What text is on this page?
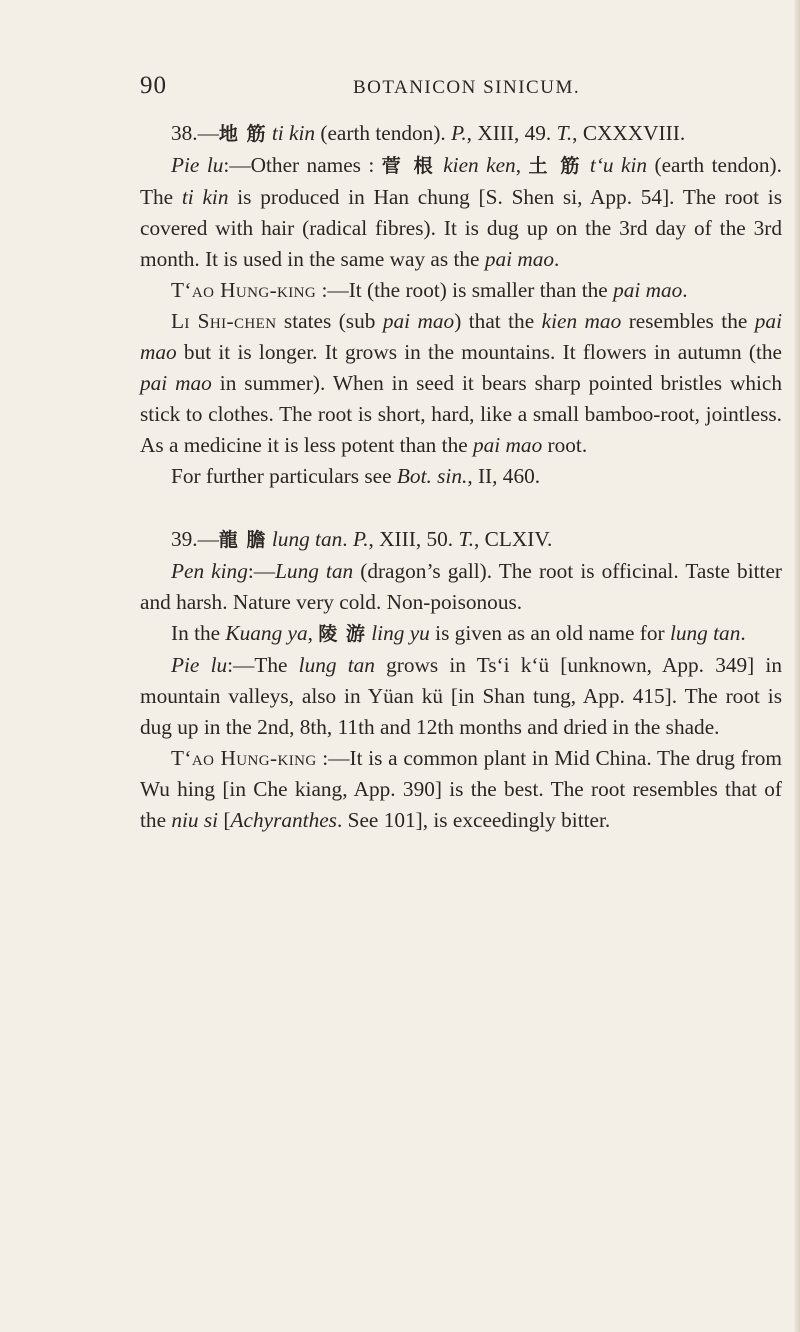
90	BOTANICON SINICUM.

38.—地 筋 ti kin (earth tendon). P., XIII, 49. T., CXXXVIII.

Pie lu:—Other names : 菅 根 kien ken, 土 筋 t‘u kin (earth tendon). The ti kin is produced in Han chung [S. Shen si, App. 54]. The root is covered with hair (radical fibres). It is dug up on the 3rd day of the 3rd month. It is used in the same way as the pai mao.

T‘ao Hung-king :—It (the root) is smaller than the pai mao.

Li Shi-chen states (sub pai mao) that the kien mao resembles the pai mao but it is longer. It grows in the mountains. It flowers in autumn (the pai mao in summer). When in seed it bears sharp pointed bristles which stick to clothes. The root is short, hard, like a small bamboo-root, jointless. As a medicine it is less potent than the pai mao root.

For further particulars see Bot. sin., II, 460.

39.—龍 膽 lung tan. P., XIII, 50. T., CLXIV.

Pen king:—Lung tan (dragon’s gall). The root is officinal. Taste bitter and harsh. Nature very cold. Non-poisonous.

In the Kuang ya, 陵 游 ling yu is given as an old name for lung tan.

Pie lu:—The lung tan grows in Ts‘i k‘ü [unknown, App. 349] in mountain valleys, also in Yüan kü [in Shan tung, App. 415]. The root is dug up in the 2nd, 8th, 11th and 12th months and dried in the shade.

T‘ao Hung-king :—It is a common plant in Mid China. The drug from Wu hing [in Che kiang, App. 390] is the best. The root resembles that of the niu si [Achyranthes. See 101], is exceedingly bitter.
